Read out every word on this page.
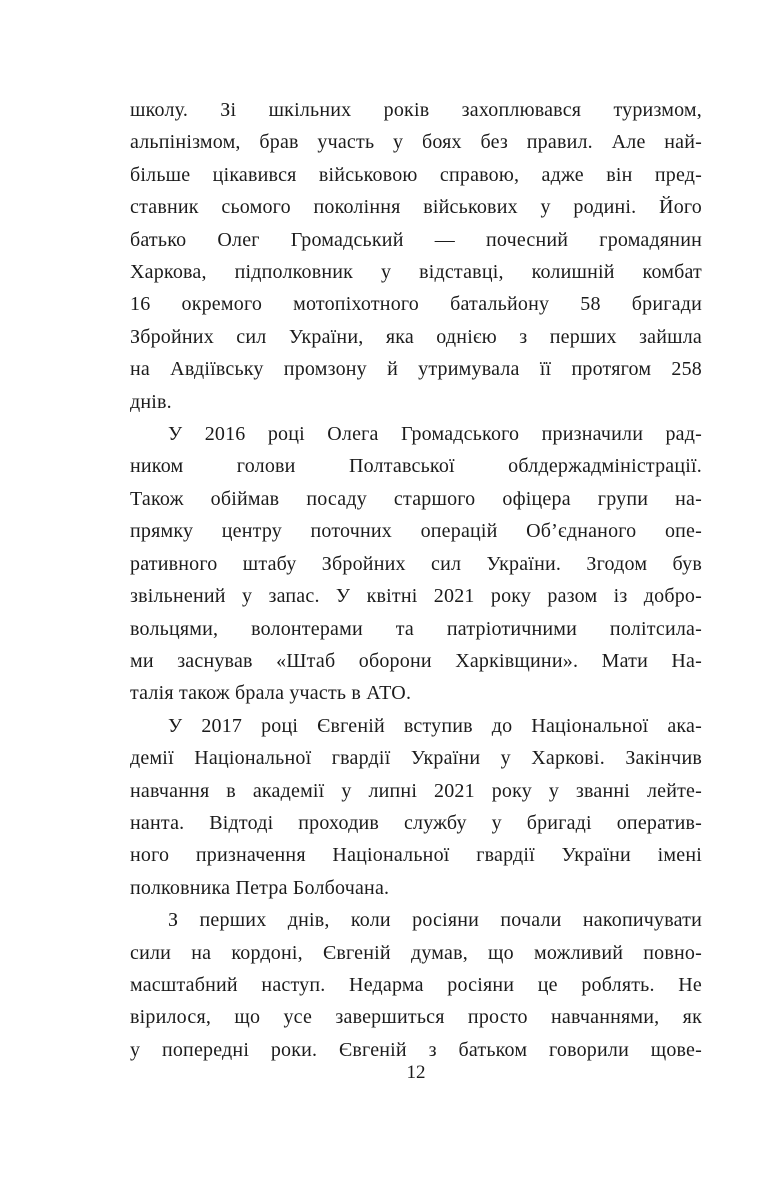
школу. Зі шкільних років захоплювався туризмом,
альпінізмом, брав участь у боях без правил. Але най-
більше цікавився військовою справою, адже він пред-
ставник сьомого покоління військових у родині. Його
батько Олег Громадський — почесний громадянин
Харкова, підполковник у відставці, колишній комбат
16 окремого мотопіхотного батальйону 58 бригади
Збройних сил України, яка однією з перших зайшла
на Авдіївську промзону й утримувала її протягом 258
днів.
У 2016 році Олега Громадського призначили рад-
ником голови Полтавської облдержадміністрації.
Також обіймав посаду старшого офіцера групи на-
прямку центру поточних операцій Об’єднаного опе-
ративного штабу Збройних сил України. Згодом був
звільнений у запас. У квітні 2021 року разом із добро-
вольцями, волонтерами та патріотичними політсила-
ми заснував «Штаб оборони Харківщини». Мати На-
талія також брала участь в АТО.
У 2017 році Євгеній вступив до Національної ака-
демії Національної гвардії України у Харкові. Закінчив
навчання в академії у липні 2021 року у званні лейте-
нанта. Відтоді проходив службу у бригаді оператив-
ного призначення Національної гвардії України імені
полковника Петра Болбочана.
З перших днів, коли росіяни почали накопичувати
сили на кордоні, Євгеній думав, що можливий повно-
масштабний наступ. Недарма росіяни це роблять. Не
вірилося, що усе завершиться просто навчаннями, як
у попередні роки. Євгеній з батьком говорили щове-
12
